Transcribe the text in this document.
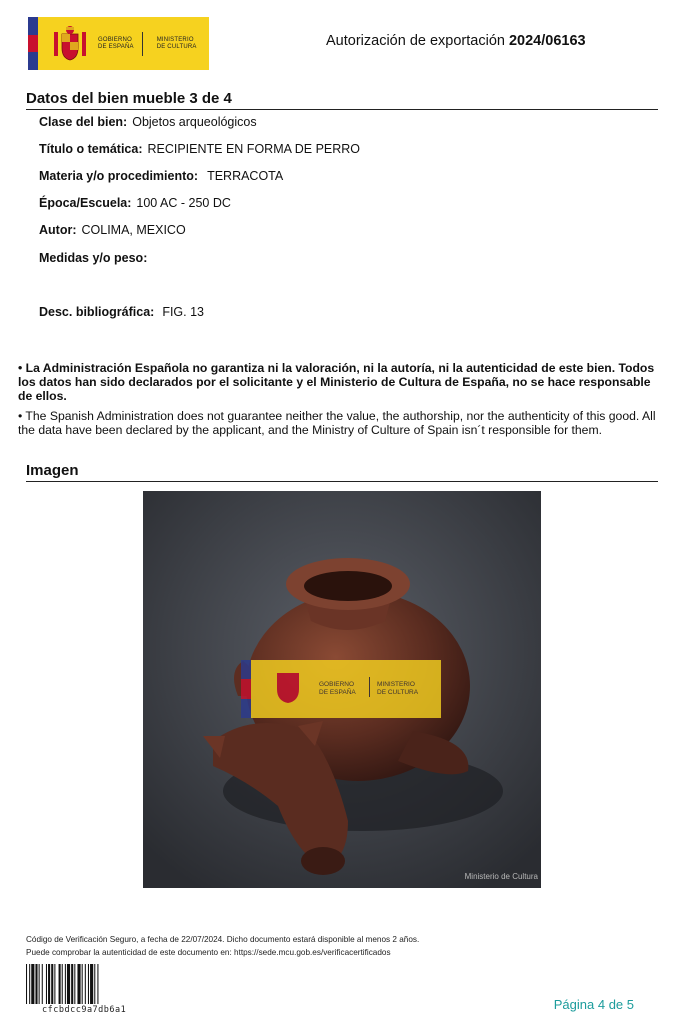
GOBIERNO
DE ESPAÑA
MINISTERIO
DE CULTURA	Autorización de exportación 2024/06163
Datos del bien mueble 3 de 4
Clase del bien: Objetos arqueológicos
Título o temática: RECIPIENTE EN FORMA DE PERRO
Materia y/o procedimiento: TERRACOTA
Época/Escuela: 100 AC - 250 DC
Autor: COLIMA, MEXICO
Medidas y/o peso:
Desc. bibliográfica: FIG. 13
• La Administración Española no garantiza ni la valoración, ni la autoría, ni la autenticidad de este bien. Todos los datos han sido declarados por el solicitante y el Ministerio de Cultura de España, no se hace responsable de ellos.
• The Spanish Administration does not guarantee neither the value, the authorship, nor the authenticity of this good. All the data have been declared by the applicant, and the Ministry of Culture of Spain isn´t responsible for them.
Imagen
GOBIERNO
DE ESPAÑA
MINISTERIO
DE CULTURA
Ministerio de Cultura
Código de Verificación Seguro, a fecha de 22/07/2024. Dicho documento estará disponible al menos 2 años.
Puede comprobar la autenticidad de este documento en: https://sede.mcu.gob.es/verificacertificados
cfcbdcc9a7db6a1	Página 4 de 5
